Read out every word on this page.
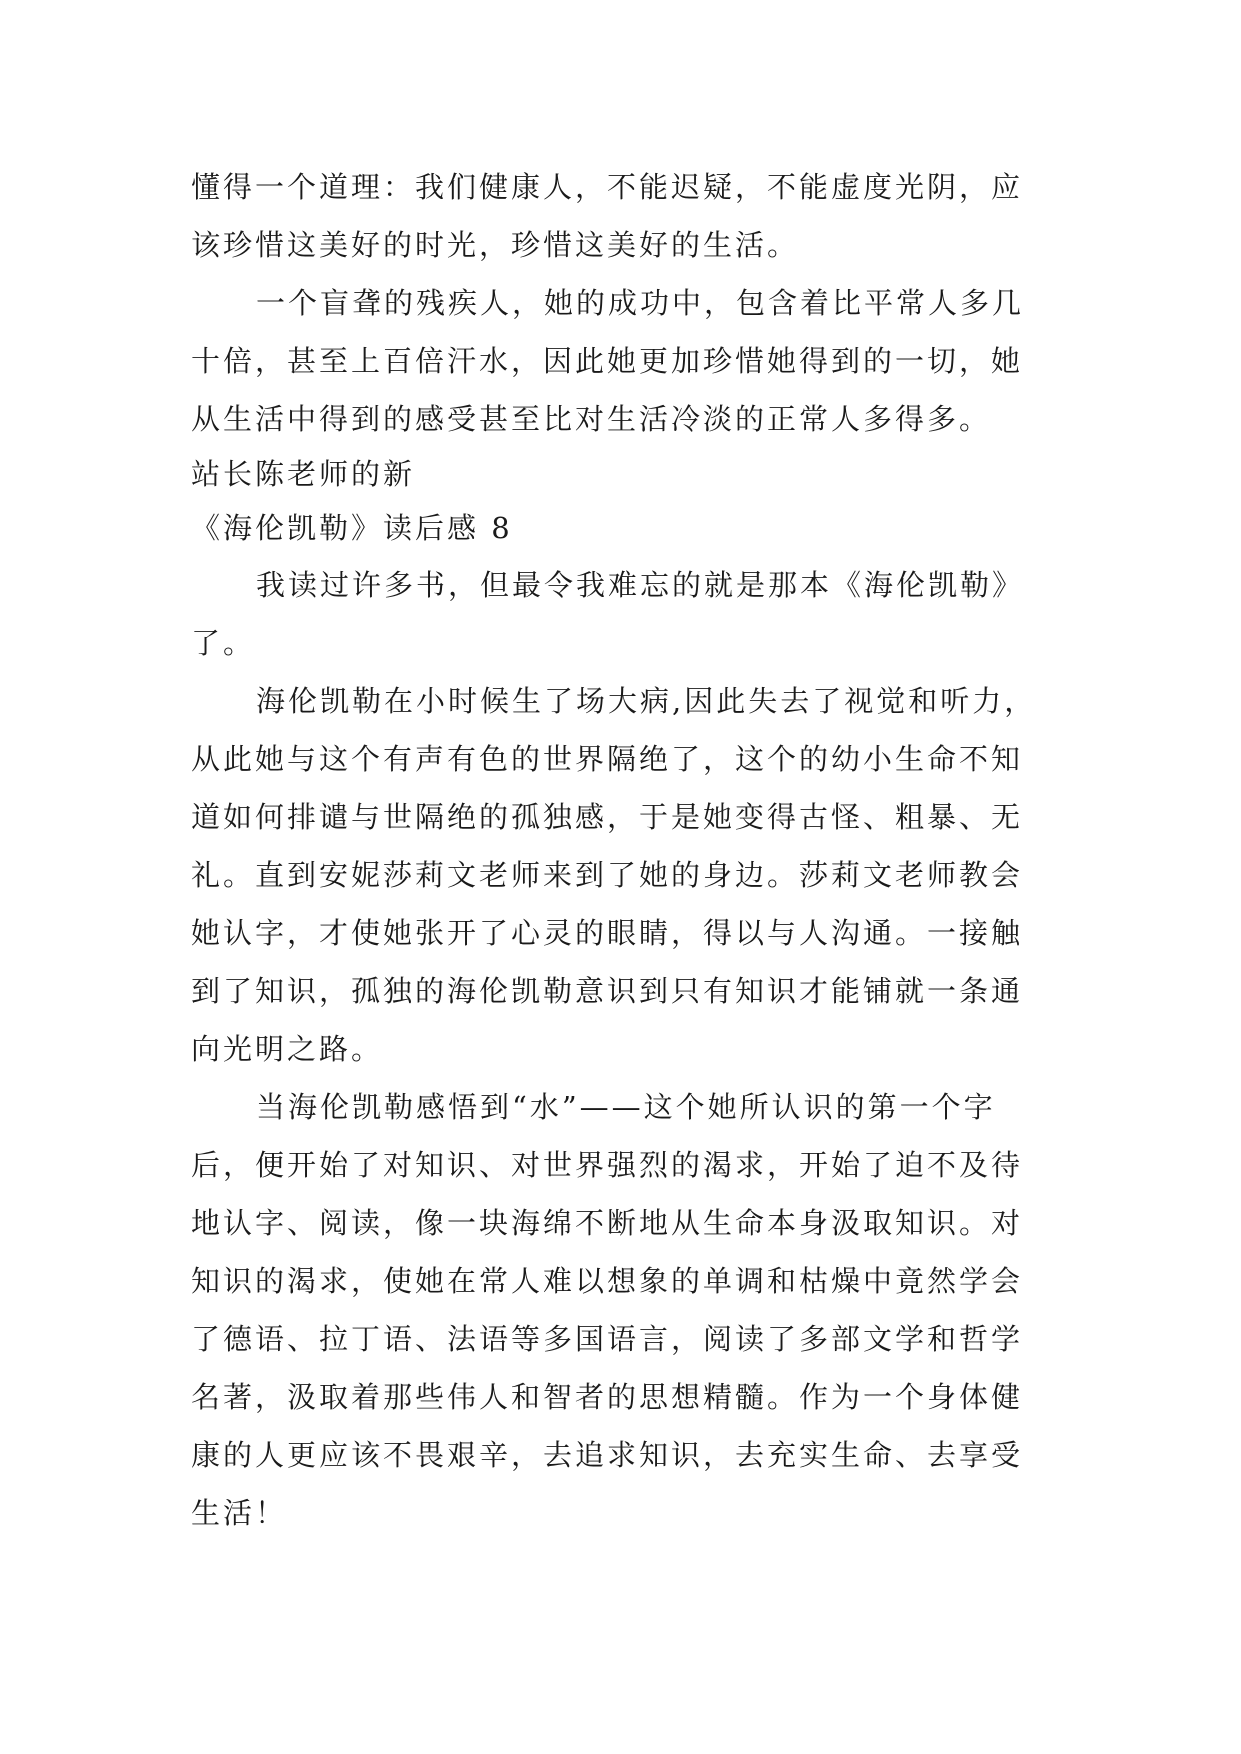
懂得一个道理：我们健康人，不能迟疑，不能虚度光阴，应
该珍惜这美好的时光，珍惜这美好的生活。
一个盲聋的残疾人，她的成功中，包含着比平常人多几
十倍，甚至上百倍汗水，因此她更加珍惜她得到的一切，她
从生活中得到的感受甚至比对生活冷淡的正常人多得多。
站长陈老师的新
《海伦凯勒》读后感 8
我读过许多书，但最令我难忘的就是那本《海伦凯勒》
了。
海伦凯勒在小时候生了场大病,因此失去了视觉和听力，
从此她与这个有声有色的世界隔绝了，这个的幼小生命不知
道如何排谴与世隔绝的孤独感，于是她变得古怪、粗暴、无
礼。直到安妮莎莉文老师来到了她的身边。莎莉文老师教会
她认字，才使她张开了心灵的眼睛，得以与人沟通。一接触
到了知识，孤独的海伦凯勒意识到只有知识才能铺就一条通
向光明之路。
当海伦凯勒感悟到“水”——这个她所认识的第一个字
后，便开始了对知识、对世界强烈的渴求，开始了迫不及待
地认字、阅读，像一块海绵不断地从生命本身汲取知识。对
知识的渴求，使她在常人难以想象的单调和枯燥中竟然学会
了德语、拉丁语、法语等多国语言，阅读了多部文学和哲学
名著，汲取着那些伟人和智者的思想精髓。作为一个身体健
康的人更应该不畏艰辛，去追求知识，去充实生命、去享受
生活！
